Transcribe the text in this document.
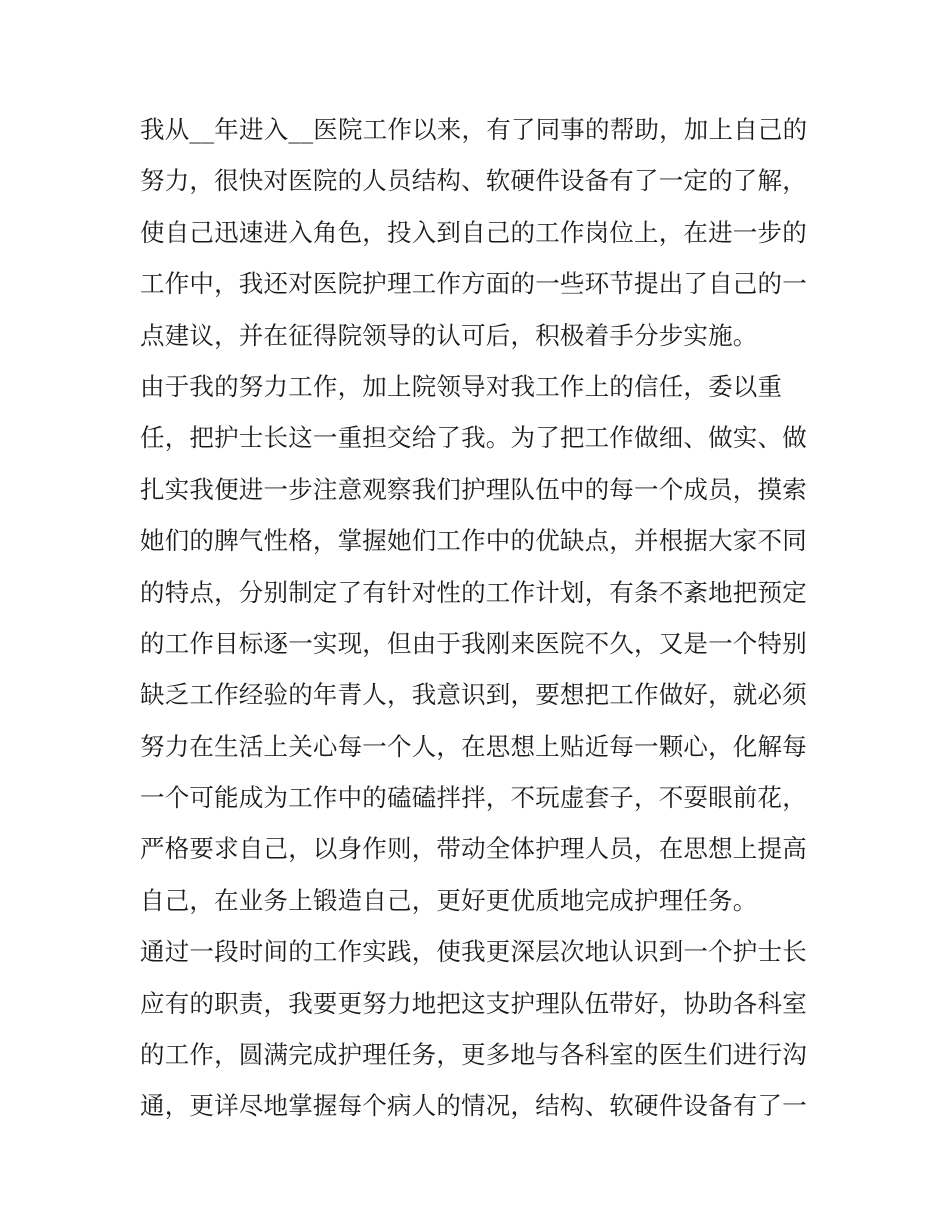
我从__年进入__医院工作以来，有了同事的帮助，加上自己的
努力，很快对医院的人员结构、软硬件设备有了一定的了解，
使自己迅速进入角色，投入到自己的工作岗位上，在进一步的
工作中，我还对医院护理工作方面的一些环节提出了自己的一
点建议，并在征得院领导的认可后，积极着手分步实施。
由于我的努力工作，加上院领导对我工作上的信任，委以重
任，把护士长这一重担交给了我。为了把工作做细、做实、做
扎实我便进一步注意观察我们护理队伍中的每一个成员，摸索
她们的脾气性格，掌握她们工作中的优缺点，并根据大家不同
的特点，分别制定了有针对性的工作计划，有条不紊地把预定
的工作目标逐一实现，但由于我刚来医院不久，又是一个特别
缺乏工作经验的年青人，我意识到，要想把工作做好，就必须
努力在生活上关心每一个人，在思想上贴近每一颗心，化解每
一个可能成为工作中的磕磕拌拌，不玩虚套子，不耍眼前花，
严格要求自己，以身作则，带动全体护理人员，在思想上提高
自己，在业务上锻造自己，更好更优质地完成护理任务。
通过一段时间的工作实践，使我更深层次地认识到一个护士长
应有的职责，我要更努力地把这支护理队伍带好，协助各科室
的工作，圆满完成护理任务，更多地与各科室的医生们进行沟
通，更详尽地掌握每个病人的情况，结构、软硬件设备有了一
